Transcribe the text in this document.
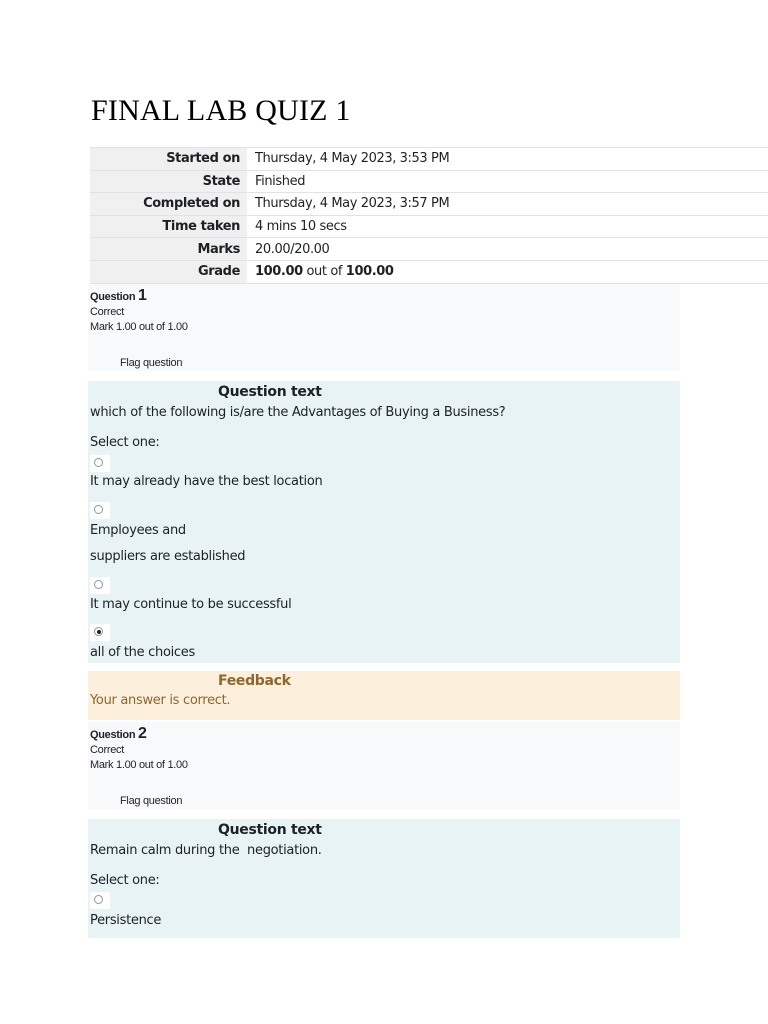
FINAL LAB QUIZ 1
Started on	Thursday, 4 May 2023, 3:53 PM
State	Finished
Completed on	Thursday, 4 May 2023, 3:57 PM
Time taken	4 mins 10 secs
Marks	20.00/20.00
Grade	100.00 out of 100.00
Question 1
Correct
Mark 1.00 out of 1.00
Flag question
Question text
which of the following is/are the Advantages of Buying a Business?
Select one:
It may already have the best location
Employees and
suppliers are established
It may continue to be successful
all of the choices
Feedback
Your answer is correct.
Question 2
Correct
Mark 1.00 out of 1.00
Flag question
Question text
Remain calm during the  negotiation.
Select one:
Persistence
